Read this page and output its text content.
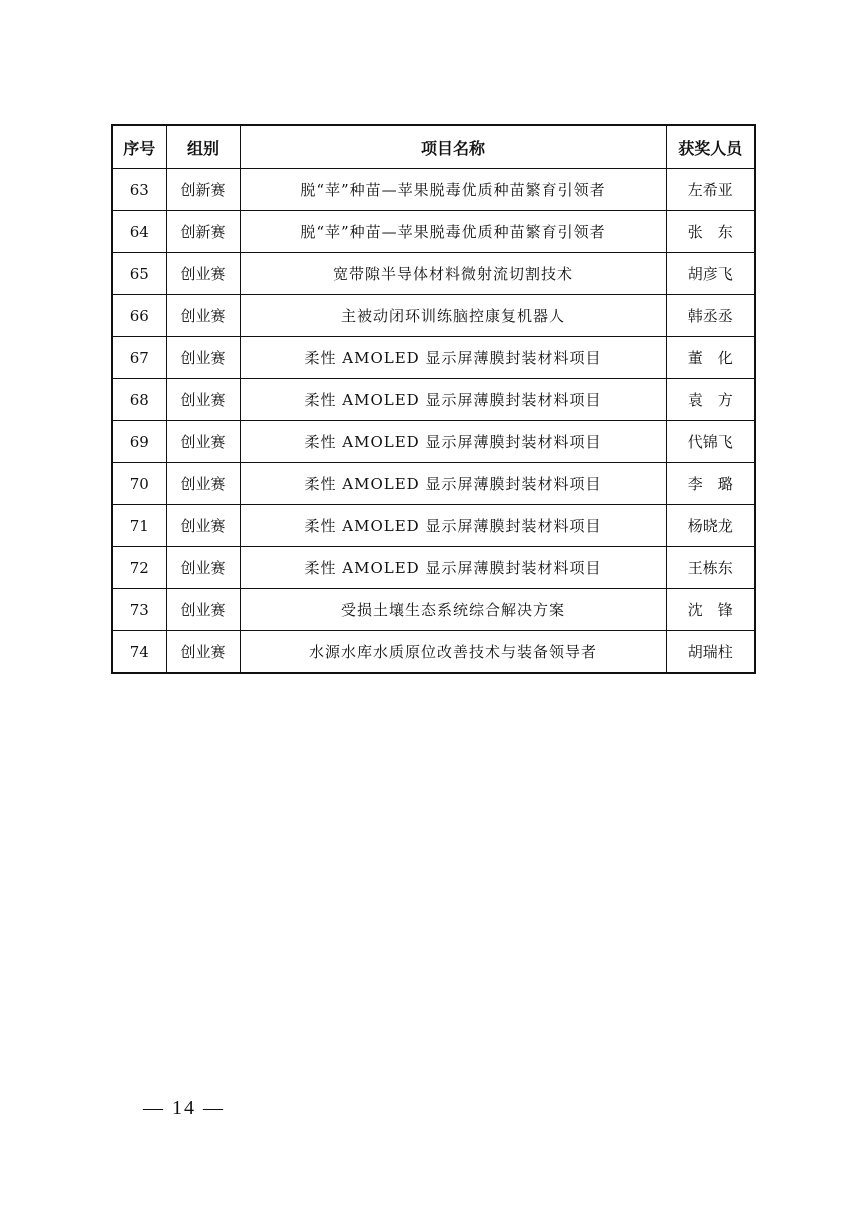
序号	组别	项目名称	获奖人员
63	创新赛	脱“苹”种苗—苹果脱毒优质种苗繁育引领者	左希亚
64	创新赛	脱“苹”种苗—苹果脱毒优质种苗繁育引领者	张　东
65	创业赛	宽带隙半导体材料微射流切割技术	胡彦飞
66	创业赛	主被动闭环训练脑控康复机器人	韩丞丞
67	创业赛	柔性 AMOLED 显示屏薄膜封装材料项目	董　化
68	创业赛	柔性 AMOLED 显示屏薄膜封装材料项目	袁　方
69	创业赛	柔性 AMOLED 显示屏薄膜封装材料项目	代锦飞
70	创业赛	柔性 AMOLED 显示屏薄膜封装材料项目	李　璐
71	创业赛	柔性 AMOLED 显示屏薄膜封装材料项目	杨晓龙
72	创业赛	柔性 AMOLED 显示屏薄膜封装材料项目	王栋东
73	创业赛	受损土壤生态系统综合解决方案	沈　锋
74	创业赛	水源水库水质原位改善技术与装备领导者	胡瑞柱
— 14 —
